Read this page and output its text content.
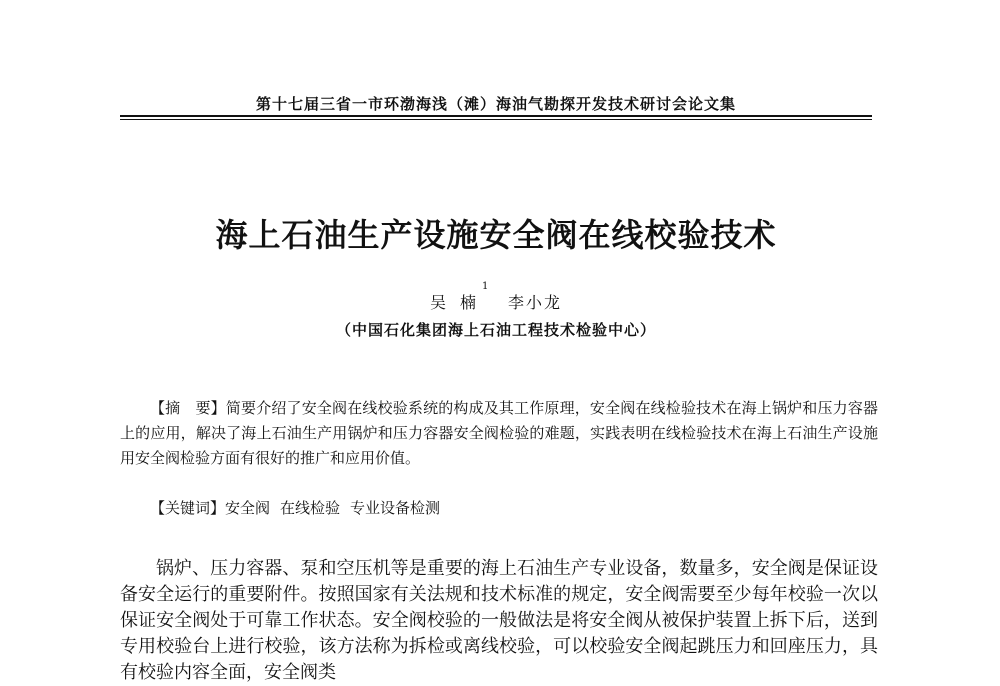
第十七届三省一市环渤海浅（滩）海油气勘探开发技术研讨会论文集
海上石油生产设施安全阀在线校验技术
吴楠
1
李小龙
（中国石化集团海上石油工程技术检验中心）

【摘　要】简要介绍了安全阀在线校验系统的构成及其工作原理，安全阀在线检验技术在海上锅炉和压力容器上的应用，解决了海上石油生产用锅炉和压力容器安全阀检验的难题，实践表明在线检验技术在海上石油生产设施用安全阀检验方面有很好的推广和应用价值。

【关键词】安全阀 在线检验 专业设备检测

锅炉、压力容器、泵和空压机等是重要的海上石油生产专业设备，数量多，安全阀是保证设备安全运行的重要附件。按照国家有关法规和技术标准的规定，安全阀需要至少每年校验一次以保证安全阀处于可靠工作状态。安全阀校验的一般做法是将安全阀从被保护装置上拆下后，送到专用校验台上进行校验，该方法称为拆检或离线校验，可以校验安全阀起跳压力和回座压力，具有校验内容全面，安全阀类
